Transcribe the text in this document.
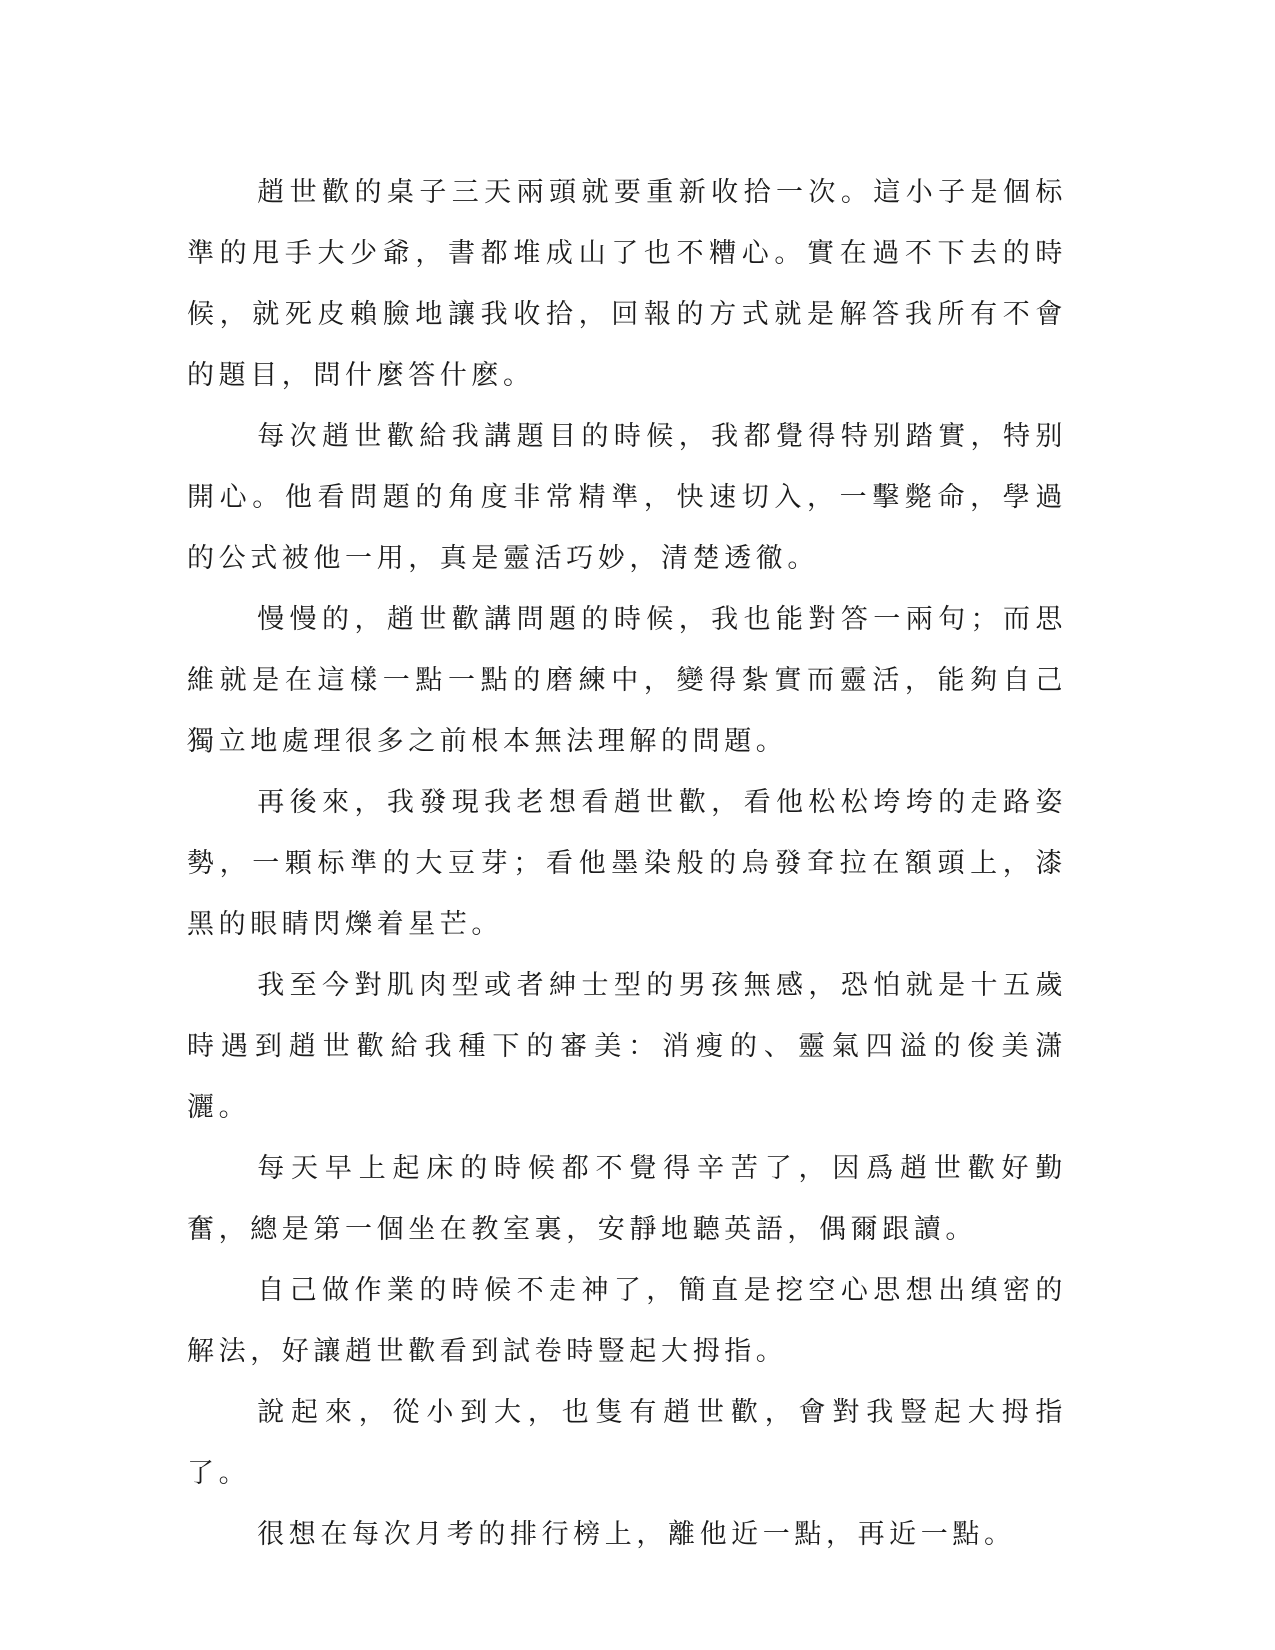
趙世歡的桌子三天兩頭就要重新收拾一次。這小子是個标準的甩手大少爺，書都堆成山了也不糟心。實在過不下去的時候，就死皮賴臉地讓我收拾，回報的方式就是解答我所有不會的題目，問什麼答什麽。

每次趙世歡給我講題目的時候，我都覺得特别踏實，特别開心。他看問題的角度非常精準，快速切入，一擊斃命，學過的公式被他一用，真是靈活巧妙，清楚透徹。

慢慢的，趙世歡講問題的時候，我也能對答一兩句；而思維就是在這樣一點一點的磨練中，變得紮實而靈活，能夠自己獨立地處理很多之前根本無法理解的問題。

再後來，我發現我老想看趙世歡，看他松松垮垮的走路姿勢，一顆标準的大豆芽；看他墨染般的烏發耷拉在額頭上，漆黑的眼睛閃爍着星芒。

我至今對肌肉型或者紳士型的男孩無感，恐怕就是十五歲時遇到趙世歡給我種下的審美：消瘦的、靈氣四溢的俊美潇灑。

每天早上起床的時候都不覺得辛苦了，因爲趙世歡好勤奮，總是第一個坐在教室裏，安靜地聽英語，偶爾跟讀。

自己做作業的時候不走神了，簡直是挖空心思想出缜密的解法，好讓趙世歡看到試卷時豎起大拇指。

說起來，從小到大，也隻有趙世歡，會對我豎起大拇指了。

很想在每次月考的排行榜上，離他近一點，再近一點。
